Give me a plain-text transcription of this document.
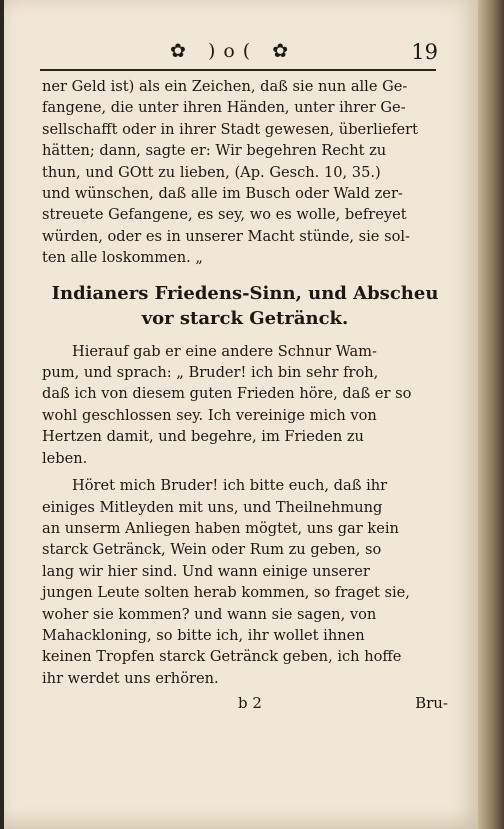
✿ )o( ✿	19
ner Geld ist) als ein Zeichen, daß sie nun alle Ge-
fangene, die unter ihren Händen, unter ihrer Ge-
sellschafft oder in ihrer Stadt gewesen, überliefert
hätten; dann, sagte er: Wir begehren Recht zu
thun, und GOtt zu lieben, (Ap. Gesch. 10, 35.)
und wünschen, daß alle im Busch oder Wald zer-
streuete Gefangene, es sey, wo es wolle, befreyet
würden, oder es in unserer Macht stünde, sie sol-
ten alle loskommen. „
Indianers Friedens-Sinn, und Abscheu
vor starck Getränck.
Hierauf gab er eine andere Schnur Wam-
pum, und sprach: „ Bruder! ich bin sehr froh,
daß ich von diesem guten Frieden höre, daß er so
wohl geschlossen sey. Ich vereinige mich von
Hertzen damit, und begehre, im Frieden zu
leben.
Höret mich Bruder! ich bitte euch, daß ihr
einiges Mitleyden mit uns, und Theilnehmung
an unserm Anliegen haben mögtet, uns gar kein
starck Getränck, Wein oder Rum zu geben, so
lang wir hier sind. Und wann einige unserer
jungen Leute solten herab kommen, so fraget sie,
woher sie kommen? und wann sie sagen, von
Mahackloning, so bitte ich, ihr wollet ihnen
keinen Tropfen starck Getränck geben, ich hoffe
ihr werdet uns erhören.
b 2	Bru-
